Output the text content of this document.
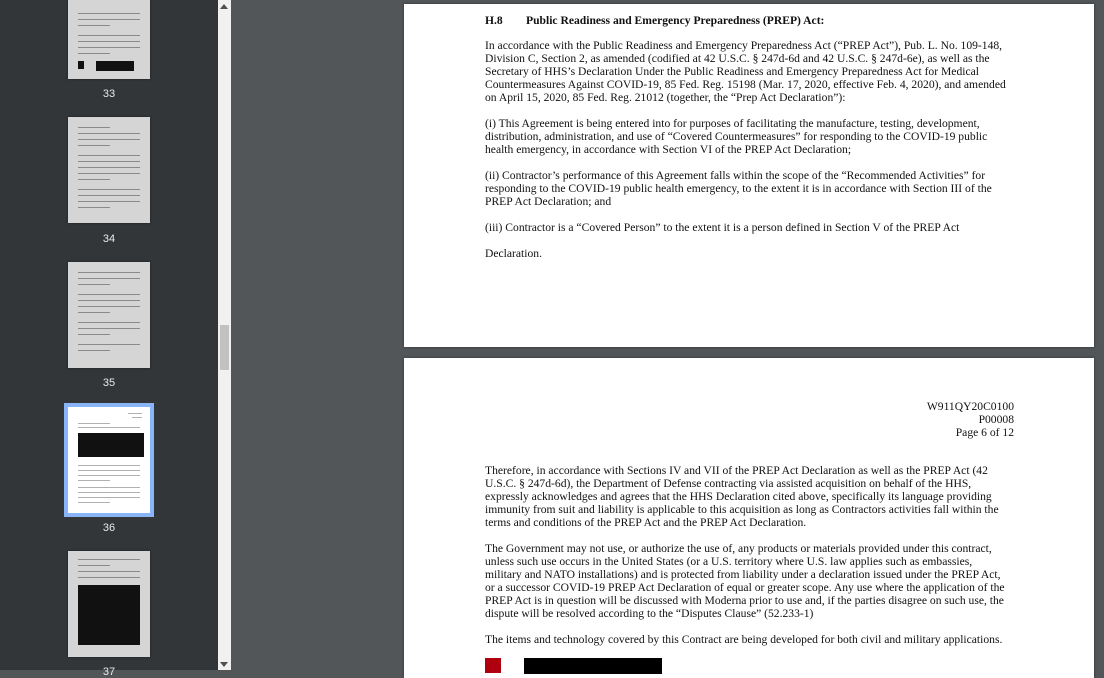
33
34
35
36
37
H.8 Public Readiness and Emergency Preparedness (PREP) Act:

In accordance with the Public Readiness and Emergency Preparedness Act (“PREP Act”), Pub. L. No. 109-148, Division C, Section 2, as amended (codified at 42 U.S.C. § 247d-6d and 42 U.S.C. § 247d-6e), as well as the Secretary of HHS’s Declaration Under the Public Readiness and Emergency Preparedness Act for Medical Countermeasures Against COVID-19, 85 Fed. Reg. 15198 (Mar. 17, 2020, effective Feb. 4, 2020), and amended on April 15, 2020, 85 Fed. Reg. 21012 (together, the “Prep Act Declaration”):

(i) This Agreement is being entered into for purposes of facilitating the manufacture, testing, development, distribution, administration, and use of “Covered Countermeasures” for responding to the COVID-19 public health emergency, in accordance with Section VI of the PREP Act Declaration;

(ii) Contractor’s performance of this Agreement falls within the scope of the “Recommended Activities” for responding to the COVID-19 public health emergency, to the extent it is in accordance with Section III of the PREP Act Declaration; and

(iii) Contractor is a “Covered Person” to the extent it is a person defined in Section V of the PREP Act

Declaration.

W911QY20C0100
P00008
Page 6 of 12

Therefore, in accordance with Sections IV and VII of the PREP Act Declaration as well as the PREP Act (42 U.S.C. § 247d-6d), the Department of Defense contracting via assisted acquisition on behalf of the HHS, expressly acknowledges and agrees that the HHS Declaration cited above, specifically its language providing immunity from suit and liability is applicable to this acquisition as long as Contractors activities fall within the terms and conditions of the PREP Act and the PREP Act Declaration.

The Government may not use, or authorize the use of, any products or materials provided under this contract, unless such use occurs in the United States (or a U.S. territory where U.S. law applies such as embassies, military and NATO installations) and is protected from liability under a declaration issued under the PREP Act, or a successor COVID-19 PREP Act Declaration of equal or greater scope. Any use where the application of the PREP Act is in question will be discussed with Moderna prior to use and, if the parties disagree on such use, the dispute will be resolved according to the “Disputes Clause” (52.233-1)

The items and technology covered by this Contract are being developed for both civil and military applications.
